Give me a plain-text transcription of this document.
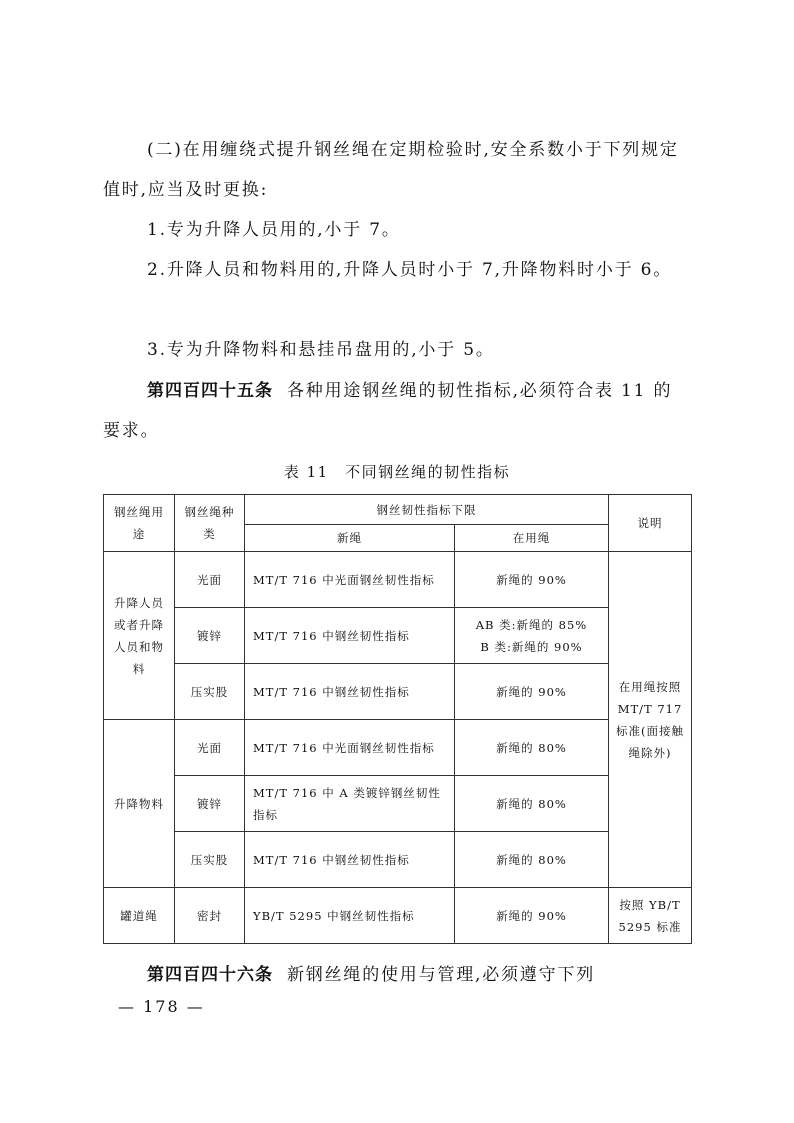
(二)在用缠绕式提升钢丝绳在定期检验时,安全系数小于下列规定值时,应当及时更换:

1.专为升降人员用的,小于 7。

2.升降人员和物料用的,升降人员时小于 7,升降物料时小于 6。

3.专为升降物料和悬挂吊盘用的,小于 5。

第四百四十五条 各种用途钢丝绳的韧性指标,必须符合表 11 的要求。

表 11　不同钢丝绳的韧性指标
钢丝绳用途	钢丝绳种类	钢丝韧性指标下限		说明
		新绳	在用绳	
升降人员或者升降人员和物料	光面	MT/T 716 中光面钢丝韧性指标	新绳的 90%	在用绳按照 MT/T 717 标准(面接触绳除外)
	镀锌	MT/T 716 中钢丝韧性指标	AB 类:新绳的 85%
B 类:新绳的 90%	

	压实股	MT/T 716 中钢丝韧性指标	新绳的 90%	
升降物料	光面	MT/T 716 中光面钢丝韧性指标	新绳的 80%	
	镀锌	MT/T 716 中 A 类镀锌钢丝韧性指标	新绳的 80%	
	压实股	MT/T 716 中钢丝韧性指标	新绳的 80%	
罐道绳	密封	YB/T 5295 中钢丝韧性指标	新绳的 90%	按照 YB/T 5295 标准

第四百四十六条 新钢丝绳的使用与管理,必须遵守下列

— 178 —
